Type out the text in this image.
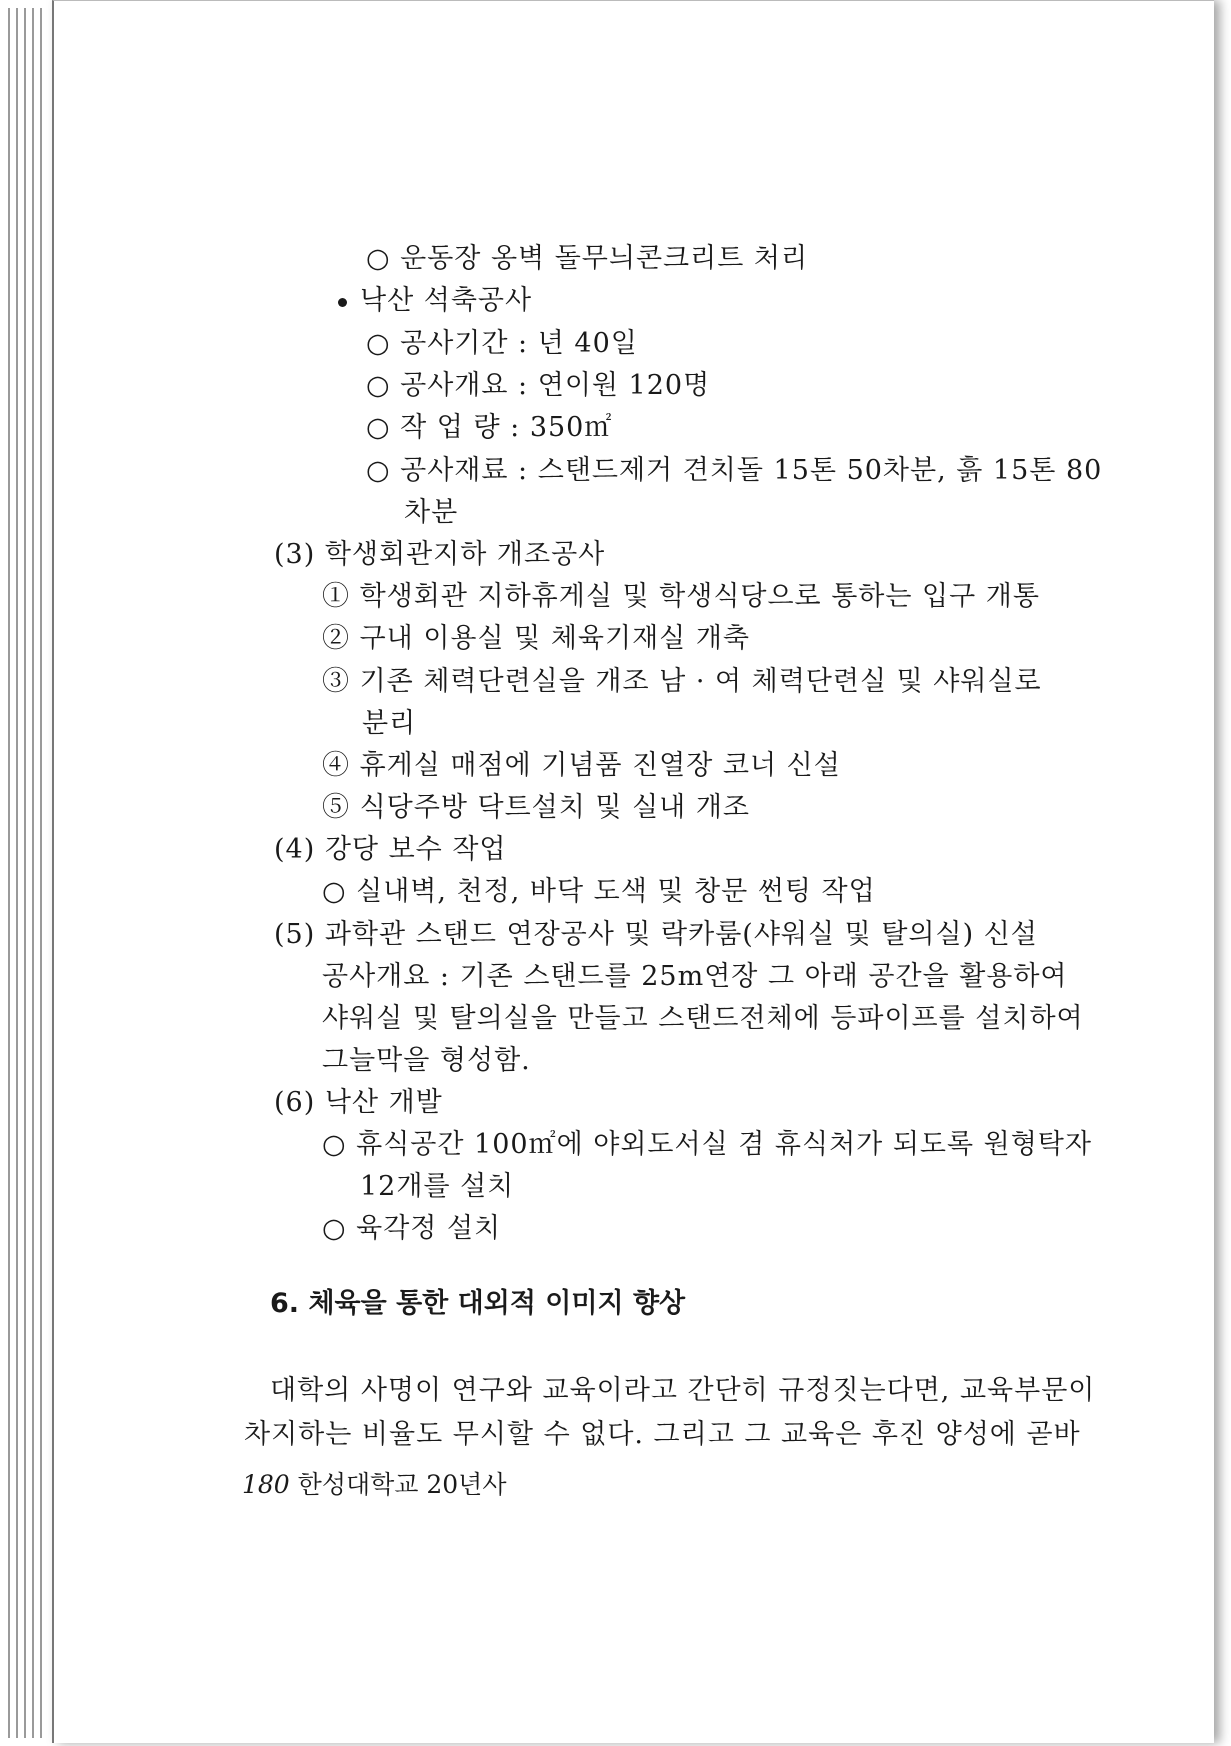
○ 운동장 옹벽 돌무늬콘크리트 처리
낙산 석축공사
○ 공사기간 : 년 40일
○ 공사개요 : 연이원 120명
○ 작 업 량 : 350㎡
○ 공사재료 : 스탠드제거 견치돌 15톤 50차분, 흙 15톤 80
차분
(3) 학생회관지하 개조공사
① 학생회관 지하휴게실 및 학생식당으로 통하는 입구 개통
② 구내 이용실 및 체육기재실 개축
③ 기존 체력단련실을 개조 남 · 여 체력단련실 및 샤워실로
분리
④ 휴게실 매점에 기념품 진열장 코너 신설
⑤ 식당주방 닥트설치 및 실내 개조
(4) 강당 보수 작업
○ 실내벽, 천정, 바닥 도색 및 창문 썬팅 작업
(5) 과학관 스탠드 연장공사 및 락카룸(샤워실 및 탈의실) 신설
공사개요 : 기존 스탠드를 25m연장 그 아래 공간을 활용하여
샤워실 및 탈의실을 만들고 스탠드전체에 등파이프를 설치하여
그늘막을 형성함.
(6) 낙산 개발
○ 휴식공간 100㎡에 야외도서실 겸 휴식처가 되도록 원형탁자
12개를 설치
○ 육각정 설치
6. 체육을 통한 대외적 이미지 향상
대학의 사명이 연구와 교육이라고 간단히 규정짓는다면, 교육부문이
차지하는 비율도 무시할 수 없다. 그리고 그 교육은 후진 양성에 곧바
180 한성대학교 20년사
